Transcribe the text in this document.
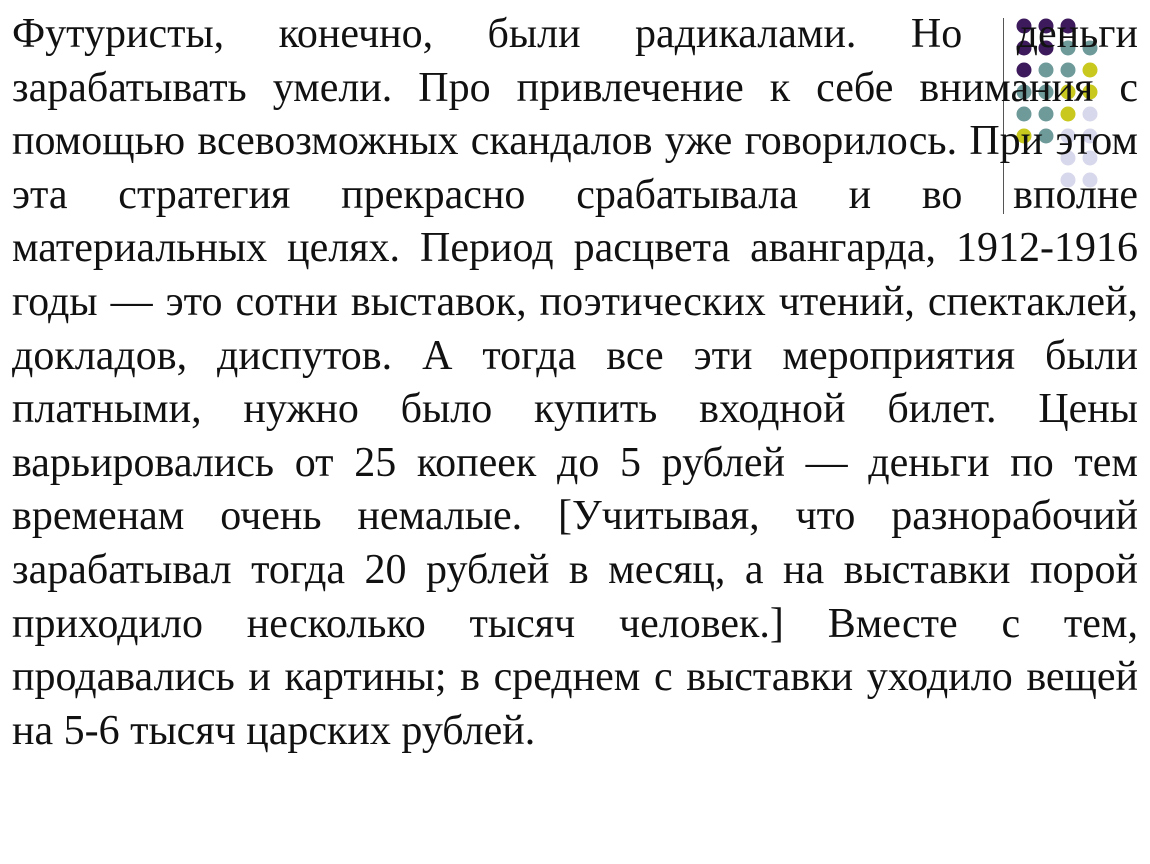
Футуристы, конечно, были радикалами. Но деньги зарабатывать умели. Про привлечение к себе внимания с помощью всевозможных скандалов уже говорилось. При этом эта стратегия прекрасно срабатывала и во вполне материальных целях. Период расцвета авангарда, 1912-1916 годы — это сотни выставок, поэтических чтений, спектаклей, докладов, диспутов. А тогда все эти мероприятия были платными, нужно было купить входной билет. Цены варьировались от 25 копеек до 5 рублей — деньги по тем временам очень немалые. [Учитывая, что разнорабочий зарабатывал тогда 20 рублей в месяц, а на выставки порой приходило несколько тысяч человек.] Вместе с тем, продавались и картины; в среднем с выставки уходило вещей на 5-6 тысяч царских рублей.
